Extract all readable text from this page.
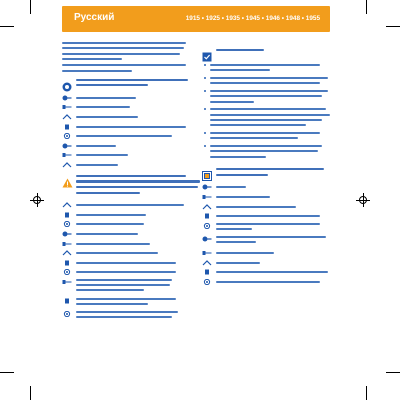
Русский	1915 • 1925 • 1935 • 1945 • 1946 • 1948 • 1955
